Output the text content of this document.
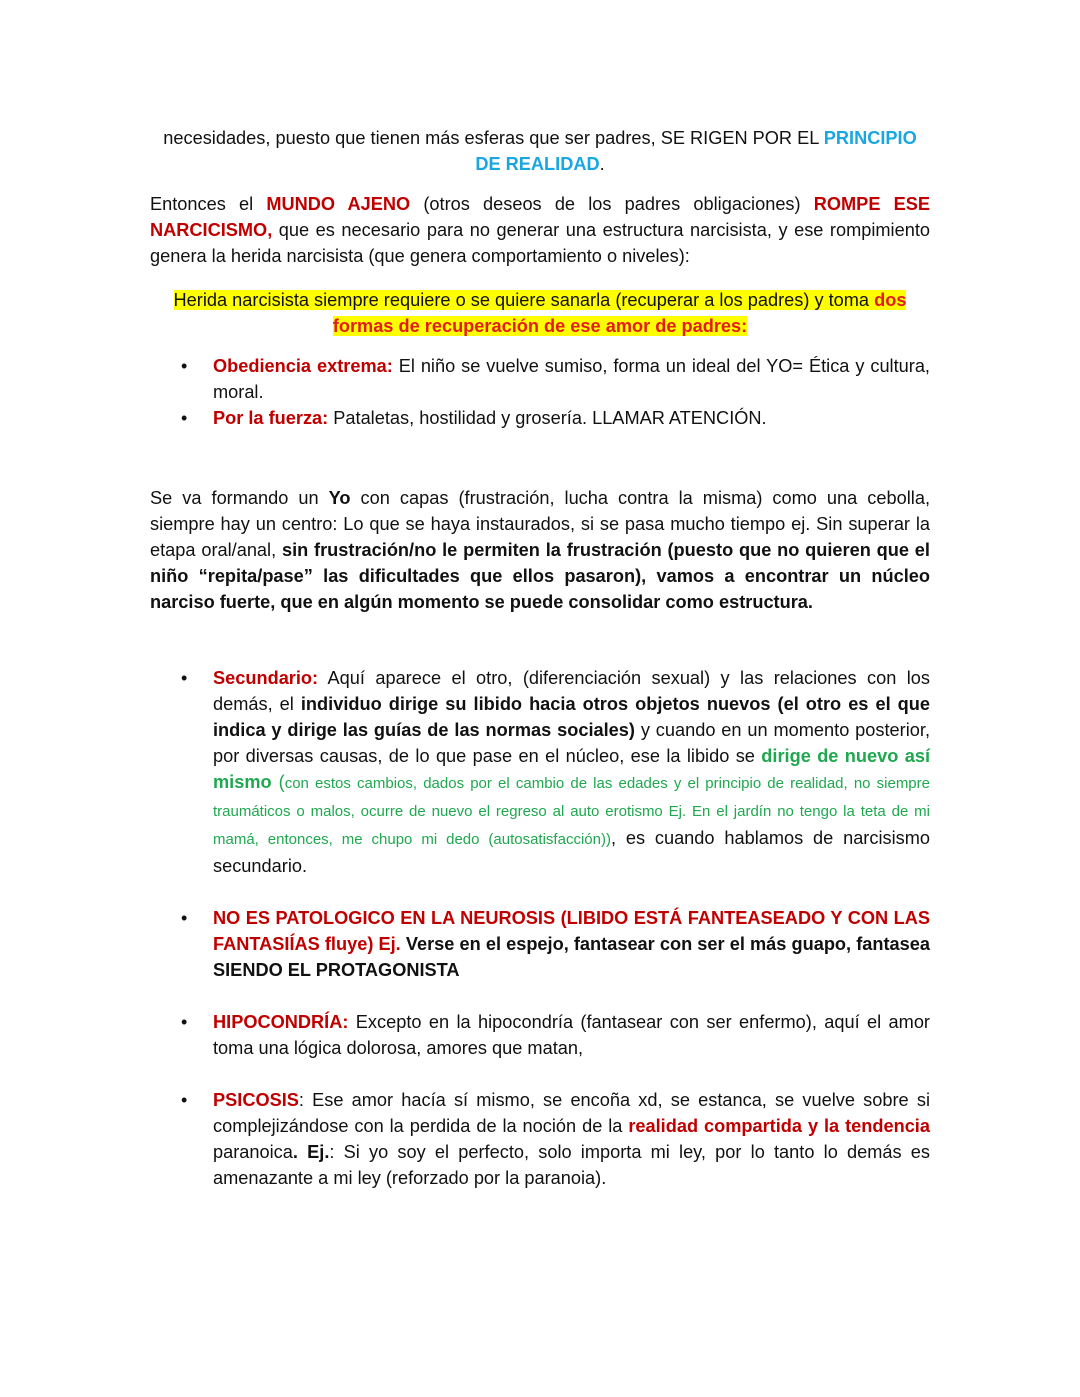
necesidades, puesto que tienen más esferas que ser padres, SE RIGEN POR EL PRINCIPIO DE REALIDAD.

Entonces el MUNDO AJENO (otros deseos de los padres obligaciones) ROMPE ESE NARCICISMO, que es necesario para no generar una estructura narcisista, y ese rompimiento genera la herida narcisista (que genera comportamiento o niveles):

Herida narcisista siempre requiere o se quiere sanarla (recuperar a los padres) y toma dos formas de recuperación de ese amor de padres:

• Obediencia extrema: El niño se vuelve sumiso, forma un ideal del YO= Ética y cultura, moral.
• Por la fuerza: Pataletas, hostilidad y grosería. LLAMAR ATENCIÓN.

Se va formando un Yo con capas (frustración, lucha contra la misma) como una cebolla, siempre hay un centro: Lo que se haya instaurados, si se pasa mucho tiempo ej. Sin superar la etapa oral/anal, sin frustración/no le permiten la frustración (puesto que no quieren que el niño “repita/pase” las dificultades que ellos pasaron), vamos a encontrar un núcleo narciso fuerte, que en algún momento se puede consolidar como estructura.

• Secundario: Aquí aparece el otro, (diferenciación sexual) y las relaciones con los demás, el individuo dirige su libido hacia otros objetos nuevos (el otro es el que indica y dirige las guías de las normas sociales) y cuando en un momento posterior, por diversas causas, de lo que pase en el núcleo, ese la libido se dirige de nuevo así mismo (con estos cambios, dados por el cambio de las edades y el principio de realidad, no siempre traumáticos o malos, ocurre de nuevo el regreso al auto erotismo Ej. En el jardín no tengo la teta de mi mamá, entonces, me chupo mi dedo (autosatisfacción)), es cuando hablamos de narcisismo secundario.
• NO ES PATOLOGICO EN LA NEUROSIS (LIBIDO ESTÁ FANTEASEADO Y CON LAS FANTASIÍAS fluye) Ej. Verse en el espejo, fantasear con ser el más guapo, fantasea SIENDO EL PROTAGONISTA
• HIPOCONDRÍA: Excepto en la hipocondría (fantasear con ser enfermo), aquí el amor toma una lógica dolorosa, amores que matan,
• PSICOSIS: Ese amor hacía sí mismo, se encoña xd, se estanca, se vuelve sobre si complejizándose con la perdida de la noción de la realidad compartida y la tendencia paranoica. Ej.: Si yo soy el perfecto, solo importa mi ley, por lo tanto lo demás es amenazante a mi ley (reforzado por la paranoia).
